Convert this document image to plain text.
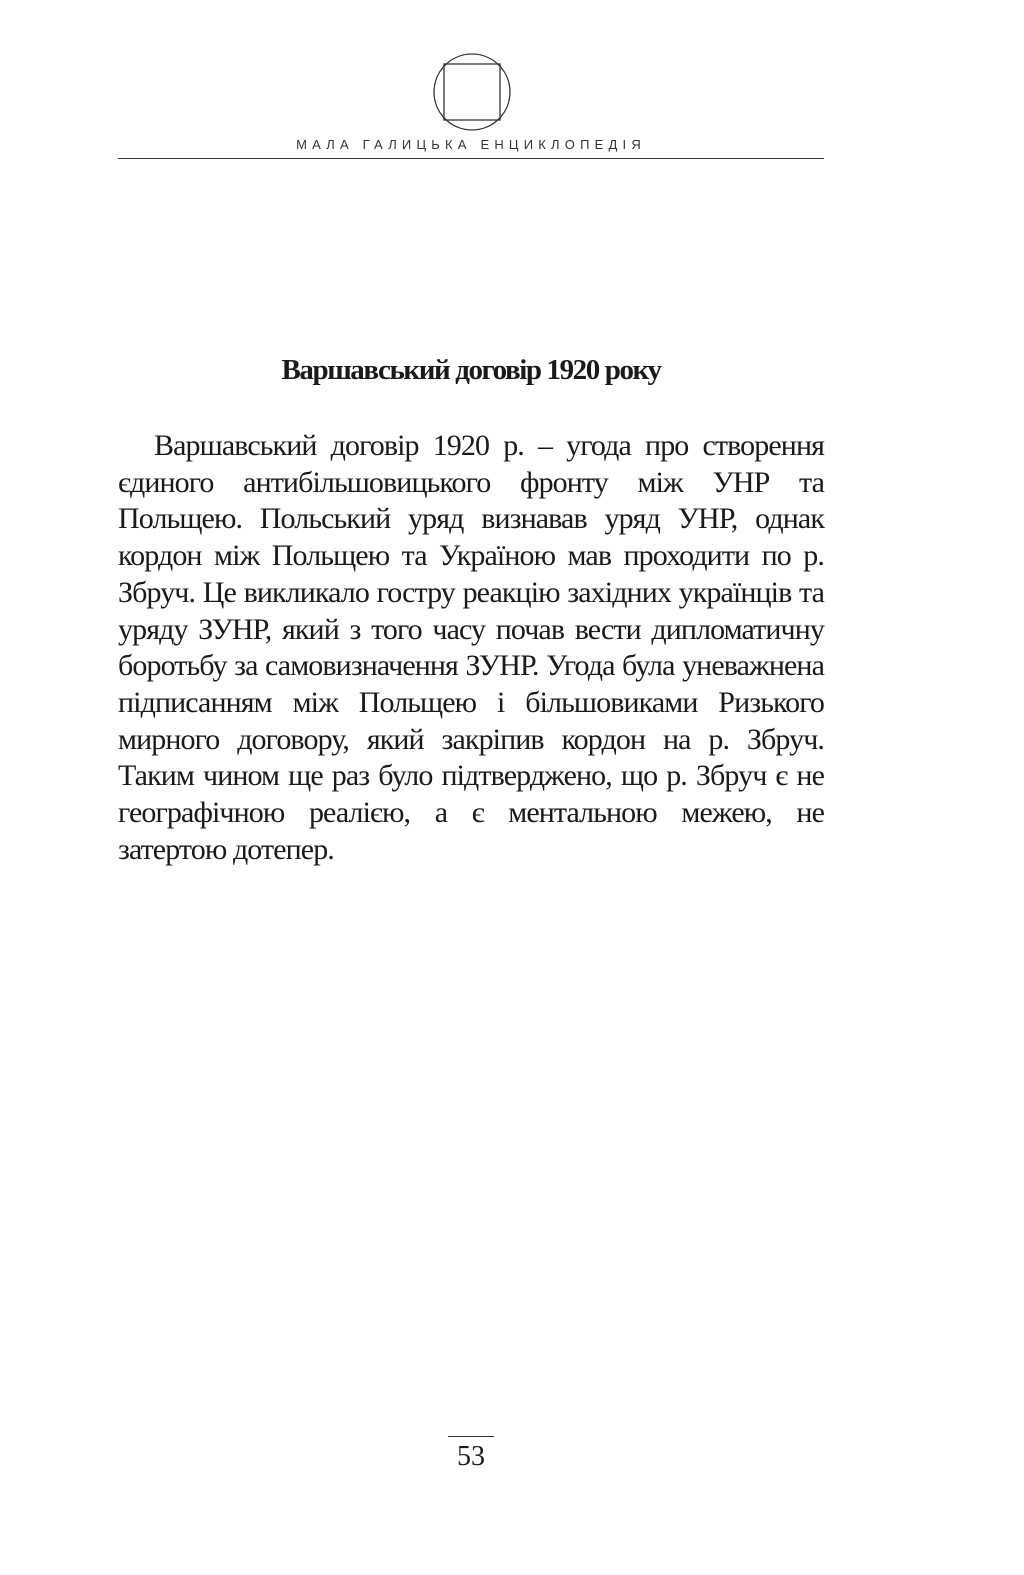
МАЛА ГАЛИЦЬКА ЕНЦИКЛОПЕДІЯ
Варшавський договір 1920 року

Варшавський договір 1920 р. – угода про створення єдиного антибільшовицького фронту між УНР та Польщею. Польський уряд визнавав уряд УНР, однак кордон між Польщею та Україною мав проходити по р. Збруч. Це викликало гостру реакцію західних українців та уряду ЗУНР, який з того часу почав вести дипломатичну боротьбу за самовизначення ЗУНР. Угода була уневажнена підписанням між Польщею і більшовиками Ризького мирного договору, який закріпив кордон на р. Збруч. Таким чином ще раз було підтверджено, що р. Збруч є не географічною реалією, а є ментальною межею, не затертою дотепер.

53
